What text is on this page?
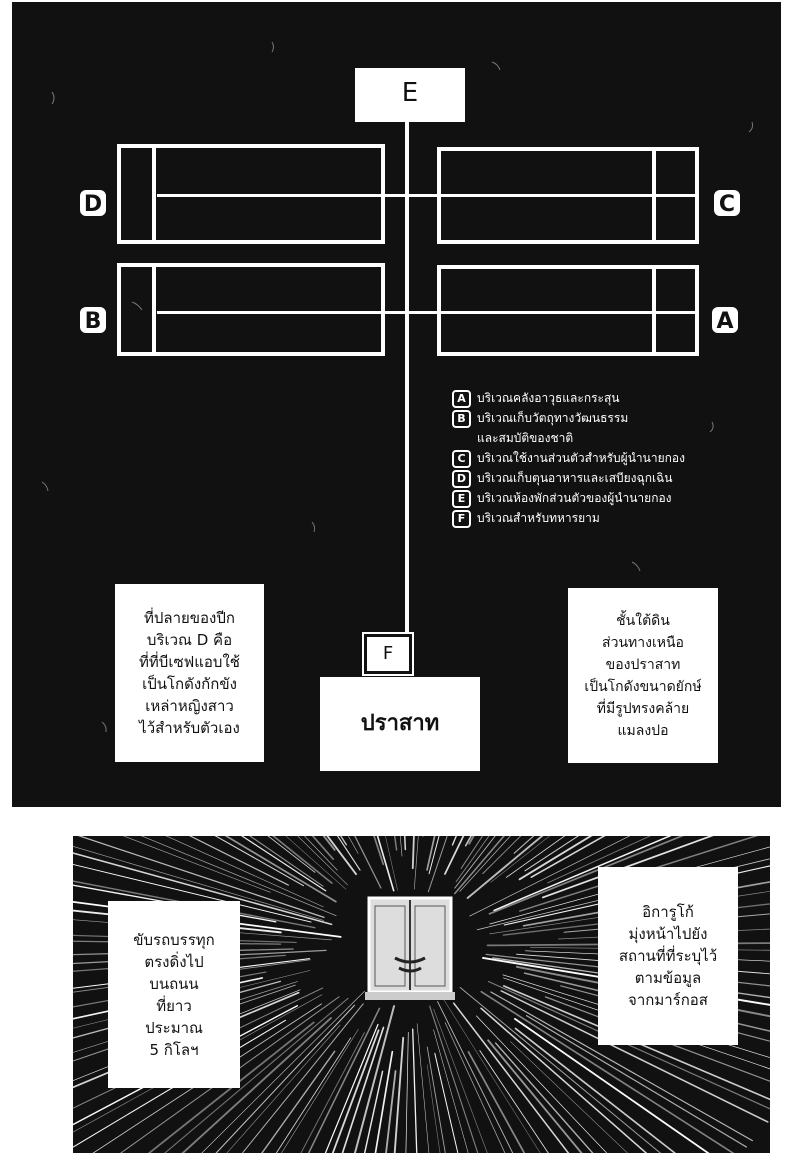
E
D	C
B	A
A บริเวณคลังอาวุธและกระสุน
B บริเวณเก็บวัตถุทางวัฒนธรรม
และสมบัติของชาติ
C บริเวณใช้งานส่วนตัวสำหรับผู้นำนายกอง
D บริเวณเก็บตุนอาหารและเสบียงฉุกเฉิน
E บริเวณห้องพักส่วนตัวของผู้นำนายกอง
F บริเวณสำหรับทหารยาม
F
ปราสาท
ที่ปลายของปีก
บริเวณ D คือ
ที่ที่บีเซฟแอบใช้
เป็นโกดังกักขัง
เหล่าหญิงสาว
ไว้สำหรับตัวเอง
ชั้นใต้ดิน
ส่วนทางเหนือ
ของปราสาท
เป็นโกดังขนาดยักษ์
ที่มีรูปทรงคล้าย
แมลงปอ
ขับรถบรรทุก
ตรงดิ่งไป
บนถนน
ที่ยาว
ประมาณ
5 กิโลฯ
อิการูโก้
มุ่งหน้าไปยัง
สถานที่ที่ระบุไว้
ตามข้อมูล
จากมาร์กอส
